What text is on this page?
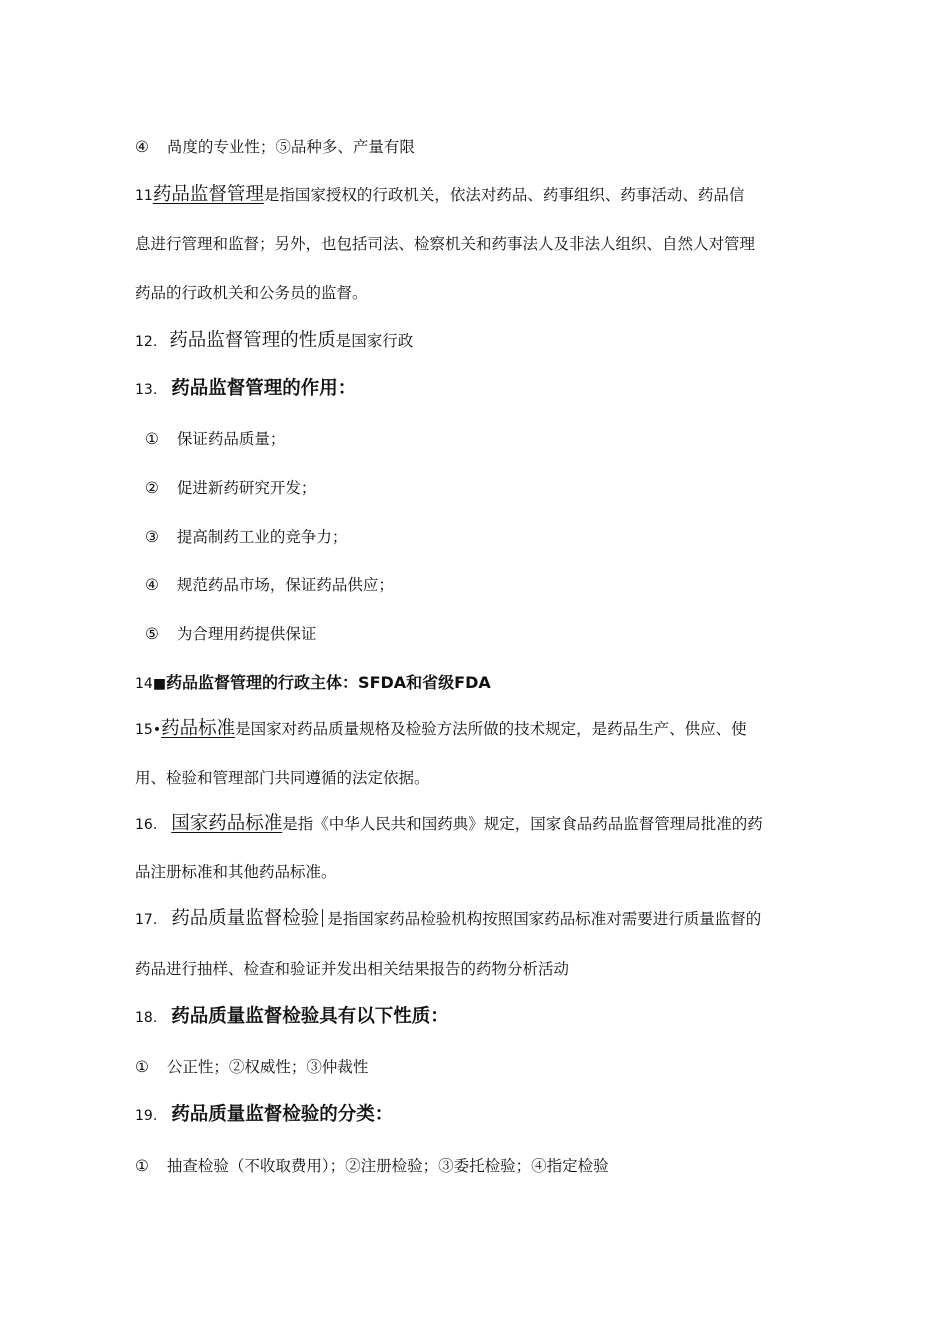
④ 咼度的专业性；⑤品种多、产量有限
11药品监督管理是指国家授权的行政机关，依法对药品、药事组织、药事活动、药品信
息进行管理和监督；另外，也包括司法、检察机关和药事法人及非法人组织、自然人对管理
药品的行政机关和公务员的监督。
12. 药品监督管理的性质是国家行政
13. 药品监督管理的作用：
① 保证药品质量；
② 促进新药研究开发；
③ 提高制药工业的竞争力；
④ 规范药品市场，保证药品供应；
⑤ 为合理用药提供保证
14■药品监督管理的行政主体：SFDA和省级FDA
15•药品标准是国家对药品质量规格及检验方法所做的技术规定，是药品生产、供应、使
用、检验和管理部门共同遵循的法定依据。
16. 国家药品标准是指《中华人民共和国药典》规定，国家食品药品监督管理局批准的药
品注册标准和其他药品标准。
17. 药品质量监督检验 是指国家药品检验机构按照国家药品标准对需要进行质量监督的
药品进行抽样、检查和验证并发出相关结果报告的药物分析活动
18. 药品质量监督检验具有以下性质：
① 公正性；②权威性；③仲裁性
19. 药品质量监督检验的分类：
① 抽查检验（不收取费用）；②注册检验；③委托检验；④指定检验
